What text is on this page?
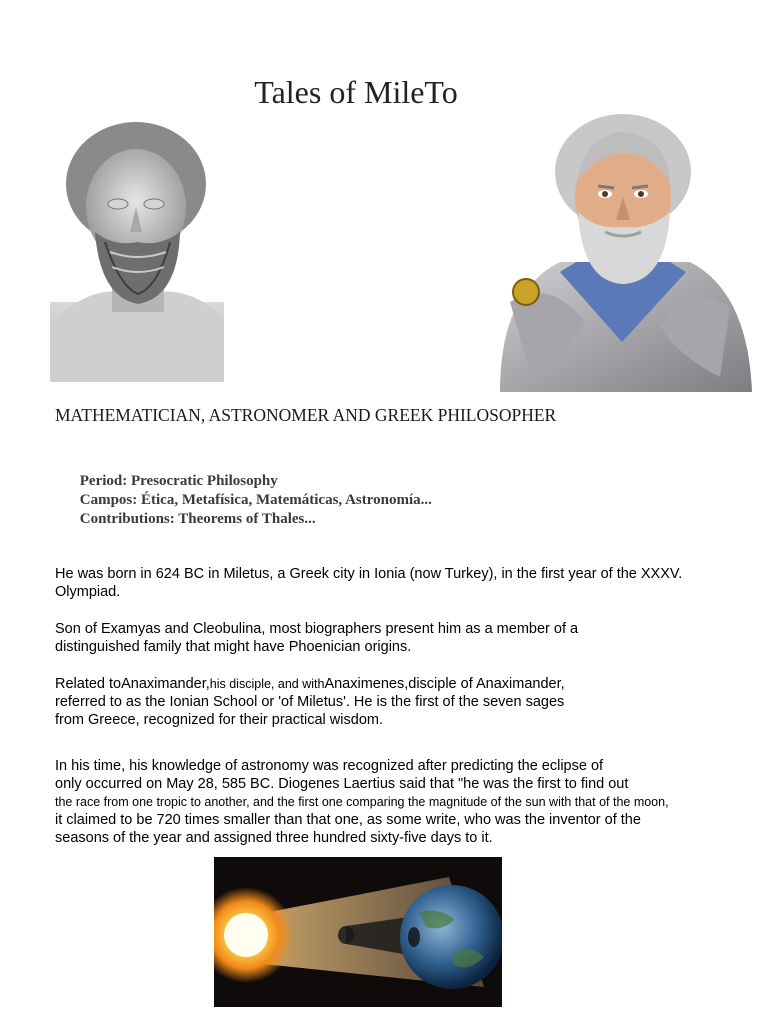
Tales of MileTo
MATHEMATICIAN, ASTRONOMER AND GREEK PHILOSOPHER
Period: Presocratic Philosophy
Campos: Ética, Metafísica, Matemáticas, Astronomía...
Contributions: Theorems of Thales...
He was born in 624 BC in Miletus, a Greek city in Ionia (now Turkey), in the first year of the XXXV.
Olympiad.
Son of Examyas and Cleobulina, most biographers present him as a member of a
distinguished family that might have Phoenician origins.
Related toAnaximander,his disciple, and withAnaximenes,disciple of Anaximander,
referred to as the Ionian School or 'of Miletus'. He is the first of the seven sages
from Greece, recognized for their practical wisdom.
In his time, his knowledge of astronomy was recognized after predicting the eclipse of
only occurred on May 28, 585 BC. Diogenes Laertius said that "he was the first to find out
the race from one tropic to another, and the first one comparing the magnitude of the sun with that of the moon,
it claimed to be 720 times smaller than that one, as some write, who was the inventor of the
seasons of the year and assigned three hundred sixty-five days to it.
